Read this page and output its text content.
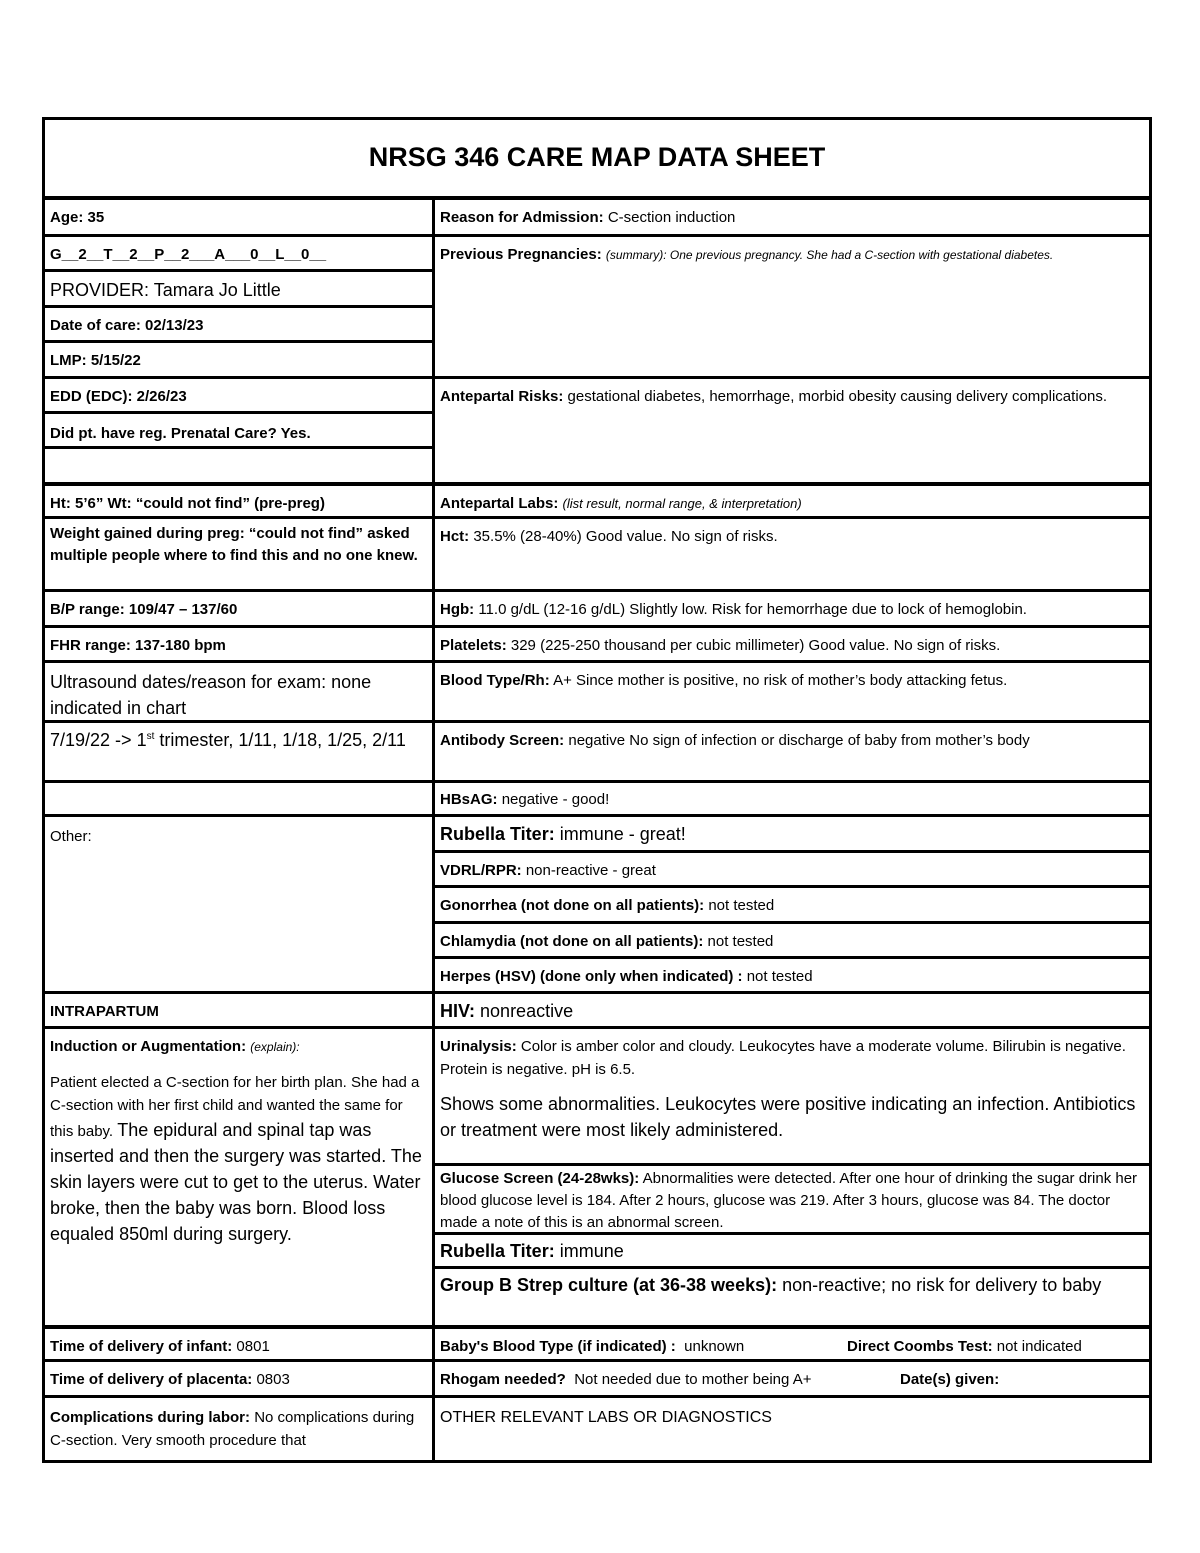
NRSG 346 CARE MAP DATA SHEET
Age: 35
G__2__T__2__P__2___A___0__L__0__
PROVIDER: Tamara Jo Little
Date of care: 02/13/23
LMP: 5/15/22
EDD (EDC): 2/26/23
Did pt. have reg. Prenatal Care? Yes.
Ht: 5’6” Wt: “could not find” (pre-preg)
Weight gained during preg: “could not find” asked multiple people where to find this and no one knew.
B/P range: 109/47 – 137/60
FHR range: 137-180 bpm
Ultrasound dates/reason for exam: none indicated in chart
7/19/22 -> 1st trimester, 1/11, 1/18, 1/25, 2/11
Other:
INTRAPARTUM
Induction or Augmentation: (explain):
Patient elected a C-section for her birth plan. She had a C-section with her first child and wanted the same for this baby. The epidural and spinal tap was inserted and then the surgery was started. The skin layers were cut to get to the uterus. Water broke, then the baby was born. Blood loss equaled 850ml during surgery.
Time of delivery of infant: 0801
Time of delivery of placenta: 0803
Complications during labor: No complications during C-section. Very smooth procedure that
Reason for Admission: C-section induction
Previous Pregnancies: (summary): One previous pregnancy. She had a C-section with gestational diabetes.
Antepartal Risks: gestational diabetes, hemorrhage, morbid obesity causing delivery complications.
Antepartal Labs: (list result, normal range, & interpretation)
Hct: 35.5% (28-40%) Good value. No sign of risks.
Hgb: 11.0 g/dL (12-16 g/dL) Slightly low. Risk for hemorrhage due to lock of hemoglobin.
Platelets: 329 (225-250 thousand per cubic millimeter) Good value. No sign of risks.
Blood Type/Rh: A+ Since mother is positive, no risk of mother’s body attacking fetus.
Antibody Screen: negative No sign of infection or discharge of baby from mother’s body
HBsAG: negative - good!
Rubella Titer: immune - great!
VDRL/RPR: non-reactive - great
Gonorrhea (not done on all patients): not tested
Chlamydia (not done on all patients): not tested
Herpes (HSV) (done only when indicated) : not tested
HIV: nonreactive
Urinalysis: Color is amber color and cloudy. Leukocytes have a moderate volume. Bilirubin is negative. Protein is negative. pH is 6.5.
Shows some abnormalities. Leukocytes were positive indicating an infection. Antibiotics or treatment were most likely administered.
Glucose Screen (24-28wks): Abnormalities were detected. After one hour of drinking the sugar drink her blood glucose level is 184. After 2 hours, glucose was 219. After 3 hours, glucose was 84. The doctor made a note of this is an abnormal screen.
Rubella Titer: immune
Group B Strep culture (at 36-38 weeks): non-reactive; no risk for delivery to baby
Baby's Blood Type (if indicated) : unknown	Direct Coombs Test: not indicated
Rhogam needed? Not needed due to mother being A+	Date(s) given:
OTHER RELEVANT LABS OR DIAGNOSTICS
